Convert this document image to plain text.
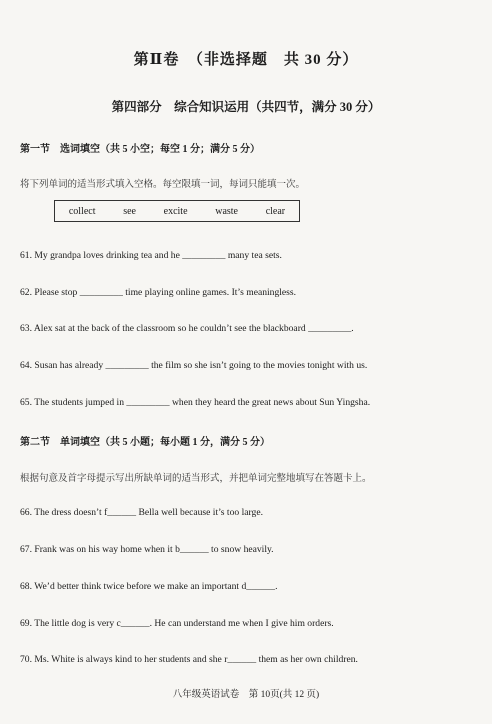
第Ⅱ卷　（非选择题　共 30 分）
第四部分　综合知识运用（共四节，满分 30 分）
第一节　选词填空（共 5 小空；每空 1 分；满分 5 分）
将下列单词的适当形式填入空格。每空限填一词，每词只能填一次。
collect	see	excite	waste	clear
61. My grandpa loves drinking tea and he _________ many tea sets.
62. Please stop _________ time playing online games. It’s meaningless.
63. Alex sat at the back of the classroom so he couldn’t see the blackboard _________.
64. Susan has already _________ the film so she isn’t going to the movies tonight with us.
65. The students jumped in _________ when they heard the great news about Sun Yingsha.
第二节　单词填空（共 5 小题；每小题 1 分，满分 5 分）
根据句意及首字母提示写出所缺单词的适当形式，并把单词完整地填写在答题卡上。
66. The dress doesn’t f______ Bella well because it’s too large.
67. Frank was on his way home when it b______ to snow heavily.
68. We’d better think twice before we make an important d______.
69. The little dog is very c______. He can understand me when I give him orders.
70. Ms. White is always kind to her students and she r______ them as her own children.
八年级英语试卷　第 10页(共 12 页)
